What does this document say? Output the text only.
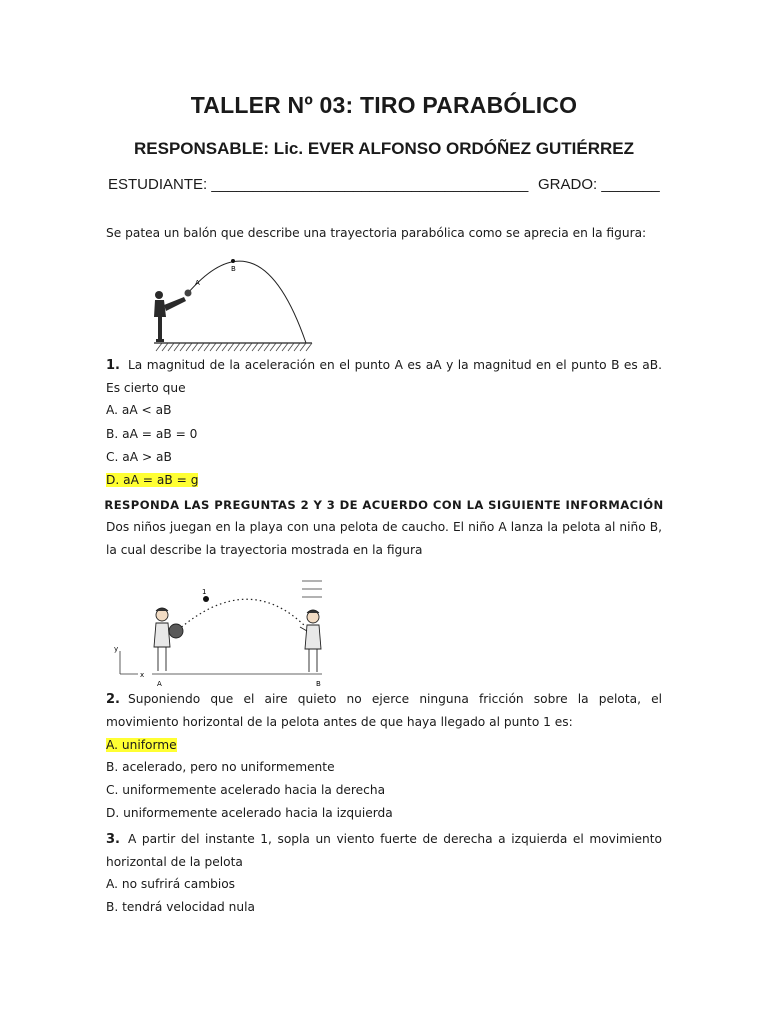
TALLER Nº 03: TIRO PARABÓLICO
RESPONSABLE: Lic. EVER ALFONSO ORDÓÑEZ GUTIÉRREZ
ESTUDIANTE: ______________________________________ GRADO: _______
Se patea un balón que describe una trayectoria parabólica como se aprecia en la figura:
A
B
1. La magnitud de la aceleración en el punto A es aA y la magnitud en el punto B es aB. Es cierto que
A. aA < aB
B. aA = aB = 0
C. aA > aB
D. aA = aB = g
RESPONDA LAS PREGUNTAS 2 Y 3 DE ACUERDO CON LA SIGUIENTE INFORMACIÓN
Dos niños juegan en la playa con una pelota de caucho. El niño A lanza la pelota al niño B, la cual describe la trayectoria mostrada en la figura
y
x
1
A	B
2. Suponiendo que el aire quieto no ejerce ninguna fricción sobre la pelota, el movimiento horizontal de la pelota antes de que haya llegado al punto 1 es:
A. uniforme
B. acelerado, pero no uniformemente
C. uniformemente acelerado hacia la derecha
D. uniformemente acelerado hacia la izquierda
3. A partir del instante 1, sopla un viento fuerte de derecha a izquierda el movimiento horizontal de la pelota
A. no sufrirá cambios
B. tendrá velocidad nula
